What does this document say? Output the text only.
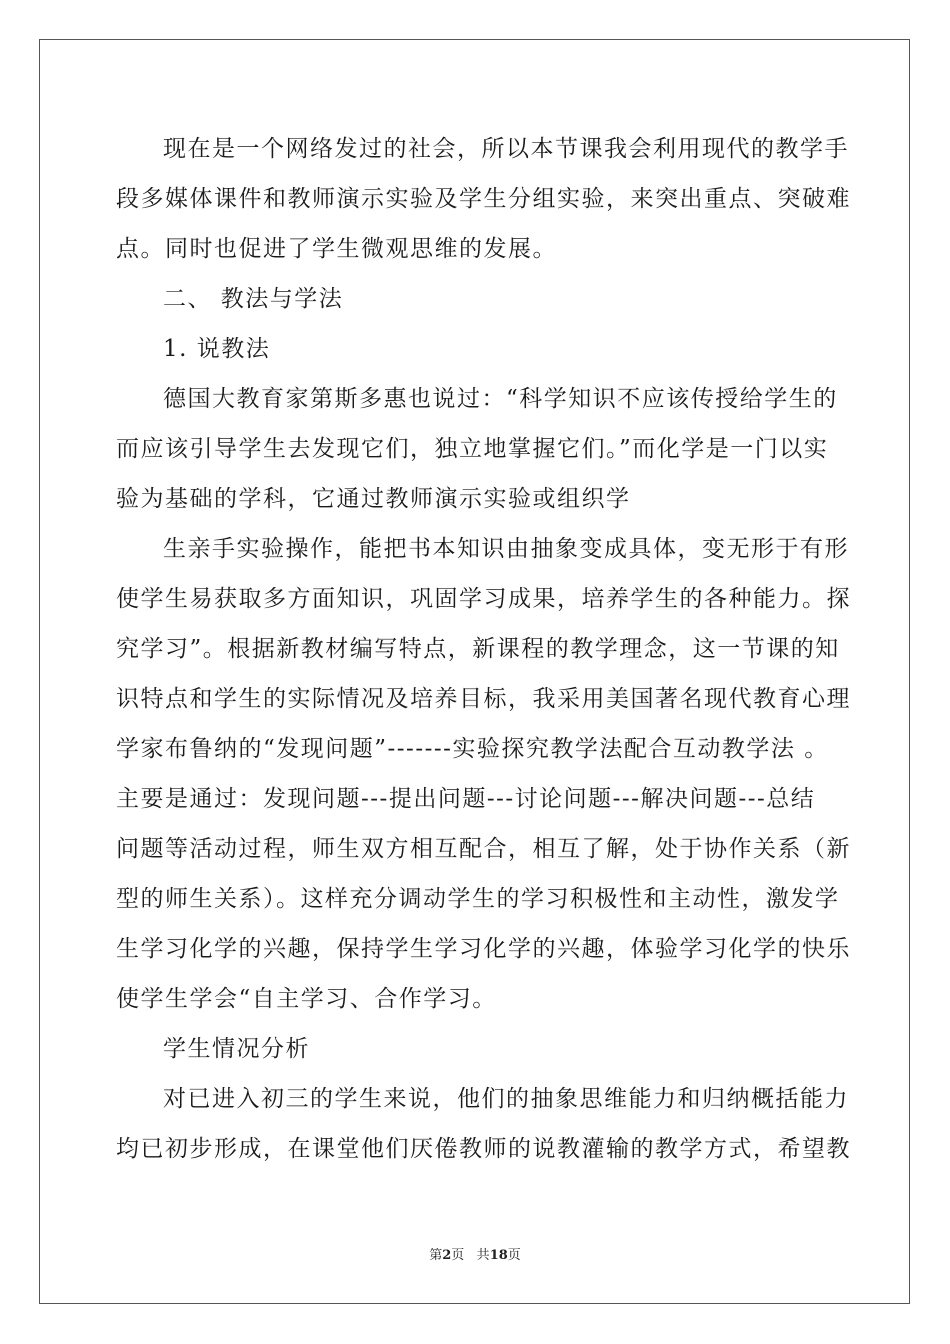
现在是一个网络发过的社会，所以本节课我会利用现代的教学手
段多媒体课件和教师演示实验及学生分组实验，来突出重点、突破难
点。同时也促进了学生微观思维的发展。
二、 教法与学法
1. 说教法
德国大教育家第斯多惠也说过：“科学知识不应该传授给学生的
而应该引导学生去发现它们，独立地掌握它们。”而化学是一门以实
验为基础的学科，它通过教师演示实验或组织学
生亲手实验操作，能把书本知识由抽象变成具体，变无形于有形
使学生易获取多方面知识，巩固学习成果，培养学生的各种能力。探
究学习”。根据新教材编写特点，新课程的教学理念，这一节课的知
识特点和学生的实际情况及培养目标，我采用美国著名现代教育心理
学家布鲁纳的“发现问题”-------实验探究教学法配合互动教学法 。
主要是通过：发现问题---提出问题---讨论问题---解决问题---总结
问题等活动过程，师生双方相互配合，相互了解，处于协作关系（新
型的师生关系）。这样充分调动学生的学习积极性和主动性，激发学
生学习化学的兴趣，保持学生学习化学的兴趣，体验学习化学的快乐
使学生学会“自主学习、合作学习。
学生情况分析
对已进入初三的学生来说，他们的抽象思维能力和归纳概括能力
均已初步形成，在课堂他们厌倦教师的说教灌输的教学方式，希望教
第2页 共18页
